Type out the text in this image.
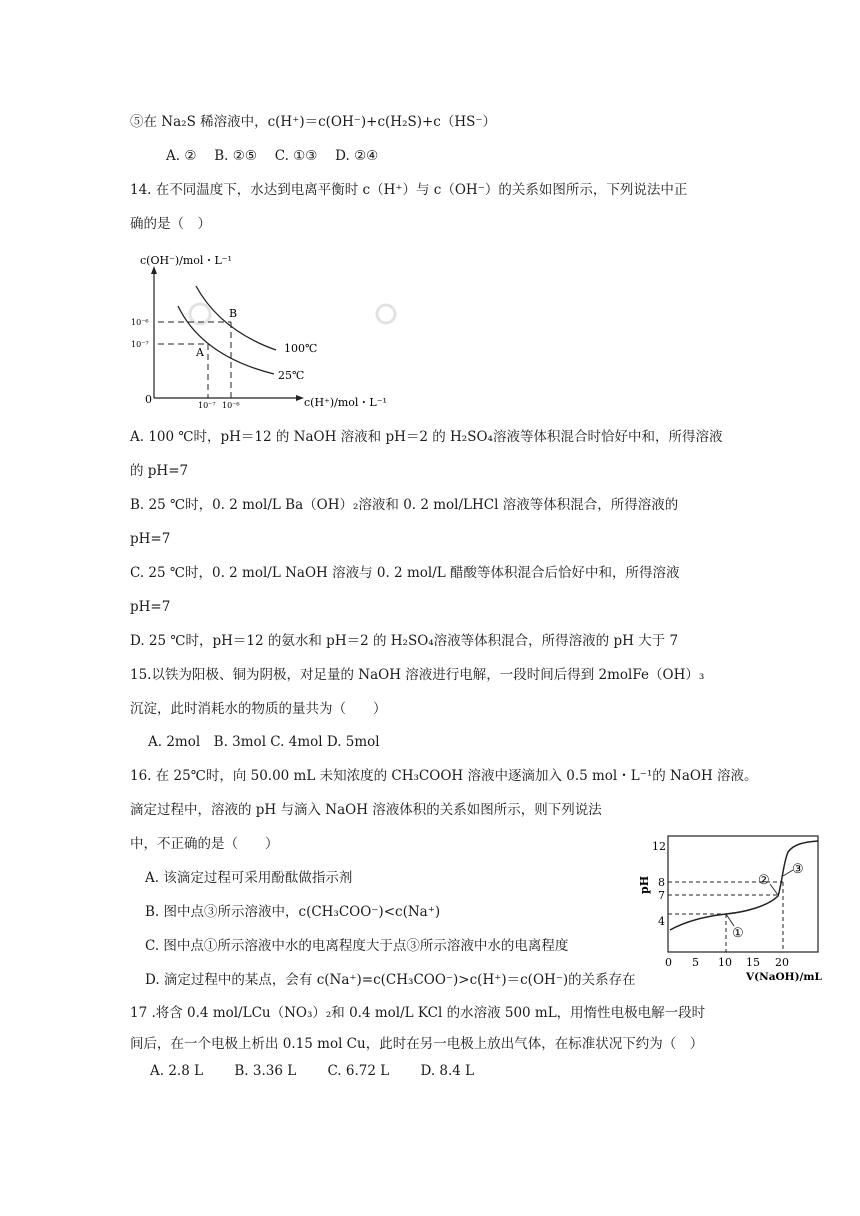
⑤在 Na₂S 稀溶液中，c(H⁺)＝c(OH⁻)+c(H₂S)+c（HS⁻）
A. ②　 B. ②⑤　 C. ①③　 D. ②④
14. 在不同温度下，水达到电离平衡时 c（H⁺）与 c（OH⁻）的关系如图所示，下列说法中正
确的是（　）
c(OH⁻)/mol・L⁻¹
c(H⁺)/mol・L⁻¹
0
10⁻⁶
10⁻⁷
10⁻⁷ 10⁻⁶
A
B
100℃
25℃
A. 100 ℃时，pH＝12 的 NaOH 溶液和 pH＝2 的 H₂SO₄溶液等体积混合时恰好中和，所得溶液
的 pH=7
B. 25 ℃时，0. 2 mol/L Ba（OH）₂溶液和 0. 2 mol/LHCl 溶液等体积混合，所得溶液的
pH=7
C. 25 ℃时，0. 2 mol/L NaOH 溶液与 0. 2 mol/L 醋酸等体积混合后恰好中和，所得溶液
pH=7
D. 25 ℃时，pH＝12 的氨水和 pH＝2 的 H₂SO₄溶液等体积混合，所得溶液的 pH 大于 7
15.以铁为阳极、铜为阴极，对足量的 NaOH 溶液进行电解，一段时间后得到 2molFe（OH）₃
沉淀，此时消耗水的物质的量共为（　　）
A. 2mol　B. 3mol C. 4mol D. 5mol
16. 在 25℃时，向 50.00 mL 未知浓度的 CH₃COOH 溶液中逐滴加入 0.5 mol・L⁻¹的 NaOH 溶液。
滴定过程中，溶液的 pH 与滴入 NaOH 溶液体积的关系如图所示，则下列说法
中，不正确的是（　　）
A. 该滴定过程可采用酚酞做指示剂
B. 图中点③所示溶液中，c(CH₃COO⁻)<c(Na⁺)
C. 图中点①所示溶液中水的电离程度大于点③所示溶液中水的电离程度
D. 滴定过程中的某点，会有 c(Na⁺)=c(CH₃COO⁻)>c(H⁺)＝c(OH⁻)的关系存在
pH
12
8
7
4
0 5 10 15 20
V(NaOH)/mL
①
②
③
17 .将含 0.4 mol/LCu（NO₃）₂和 0.4 mol/L KCl 的水溶液 500 mL，用惰性电极电解一段时
间后，在一个电极上析出 0.15 mol Cu，此时在另一电极上放出气体，在标准状况下约为（　）
A. 2.8 L　　 B. 3.36 L　　 C. 6.72 L　　 D. 8.4 L
